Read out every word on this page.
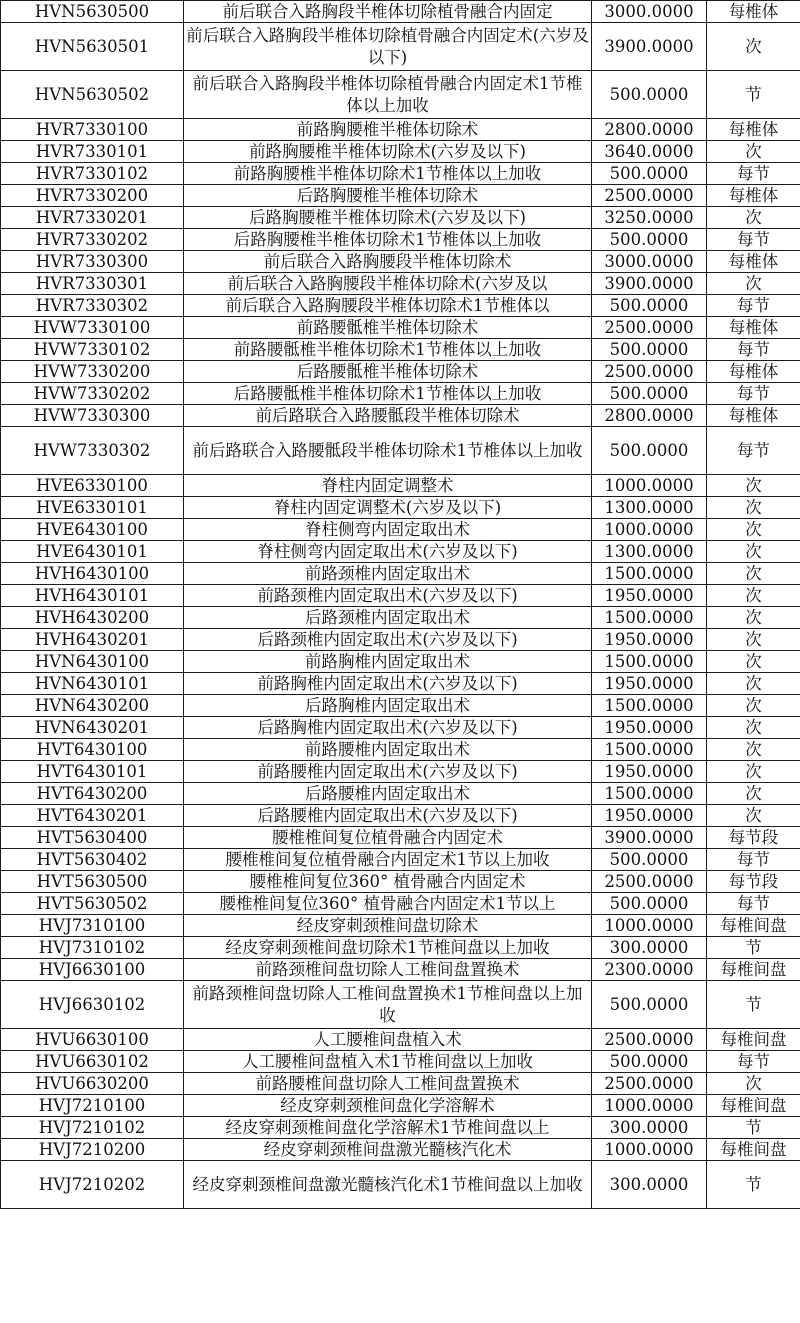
HVN5630500	前后联合入路胸段半椎体切除植骨融合内固定	3000.0000	每椎体
HVN5630501	前后联合入路胸段半椎体切除植骨融合内固定术(六岁及以下)	3900.0000	次
HVN5630502	前后联合入路胸段半椎体切除植骨融合内固定术1节椎体以上加收	500.0000	节
HVR7330100	前路胸腰椎半椎体切除术	2800.0000	每椎体
HVR7330101	前路胸腰椎半椎体切除术(六岁及以下)	3640.0000	次
HVR7330102	前路胸腰椎半椎体切除术1节椎体以上加收	500.0000	每节
HVR7330200	后路胸腰椎半椎体切除术	2500.0000	每椎体
HVR7330201	后路胸腰椎半椎体切除术(六岁及以下)	3250.0000	次
HVR7330202	后路胸腰椎半椎体切除术1节椎体以上加收	500.0000	每节
HVR7330300	前后联合入路胸腰段半椎体切除术	3000.0000	每椎体
HVR7330301	前后联合入路胸腰段半椎体切除术(六岁及以	3900.0000	次
HVR7330302	前后联合入路胸腰段半椎体切除术1节椎体以	500.0000	每节
HVW7330100	前路腰骶椎半椎体切除术	2500.0000	每椎体
HVW7330102	前路腰骶椎半椎体切除术1节椎体以上加收	500.0000	每节
HVW7330200	后路腰骶椎半椎体切除术	2500.0000	每椎体
HVW7330202	后路腰骶椎半椎体切除术1节椎体以上加收	500.0000	每节
HVW7330300	前后路联合入路腰骶段半椎体切除术	2800.0000	每椎体
HVW7330302	前后路联合入路腰骶段半椎体切除术1节椎体以上加收	500.0000	每节
HVE6330100	脊柱内固定调整术	1000.0000	次
HVE6330101	脊柱内固定调整术(六岁及以下)	1300.0000	次
HVE6430100	脊柱侧弯内固定取出术	1000.0000	次
HVE6430101	脊柱侧弯内固定取出术(六岁及以下)	1300.0000	次
HVH6430100	前路颈椎内固定取出术	1500.0000	次
HVH6430101	前路颈椎内固定取出术(六岁及以下)	1950.0000	次
HVH6430200	后路颈椎内固定取出术	1500.0000	次
HVH6430201	后路颈椎内固定取出术(六岁及以下)	1950.0000	次
HVN6430100	前路胸椎内固定取出术	1500.0000	次
HVN6430101	前路胸椎内固定取出术(六岁及以下)	1950.0000	次
HVN6430200	后路胸椎内固定取出术	1500.0000	次
HVN6430201	后路胸椎内固定取出术(六岁及以下)	1950.0000	次
HVT6430100	前路腰椎内固定取出术	1500.0000	次
HVT6430101	前路腰椎内固定取出术(六岁及以下)	1950.0000	次
HVT6430200	后路腰椎内固定取出术	1500.0000	次
HVT6430201	后路腰椎内固定取出术(六岁及以下)	1950.0000	次
HVT5630400	腰椎椎间复位植骨融合内固定术	3900.0000	每节段
HVT5630402	腰椎椎间复位植骨融合内固定术1节以上加收	500.0000	每节
HVT5630500	腰椎椎间复位360° 植骨融合内固定术	2500.0000	每节段
HVT5630502	腰椎椎间复位360° 植骨融合内固定术1节以上	500.0000	每节
HVJ7310100	经皮穿刺颈椎间盘切除术	1000.0000	每椎间盘
HVJ7310102	经皮穿刺颈椎间盘切除术1节椎间盘以上加收	300.0000	节
HVJ6630100	前路颈椎间盘切除人工椎间盘置换术	2300.0000	每椎间盘
HVJ6630102	前路颈椎间盘切除人工椎间盘置换术1节椎间盘以上加收	500.0000	节
HVU6630100	人工腰椎间盘植入术	2500.0000	每椎间盘
HVU6630102	人工腰椎间盘植入术1节椎间盘以上加收	500.0000	每节
HVU6630200	前路腰椎间盘切除人工椎间盘置换术	2500.0000	次
HVJ7210100	经皮穿刺颈椎间盘化学溶解术	1000.0000	每椎间盘
HVJ7210102	经皮穿刺颈椎间盘化学溶解术1节椎间盘以上	300.0000	节
HVJ7210200	经皮穿刺颈椎间盘激光髓核汽化术	1000.0000	每椎间盘
HVJ7210202	经皮穿刺颈椎间盘激光髓核汽化术1节椎间盘以上加收	300.0000	节
